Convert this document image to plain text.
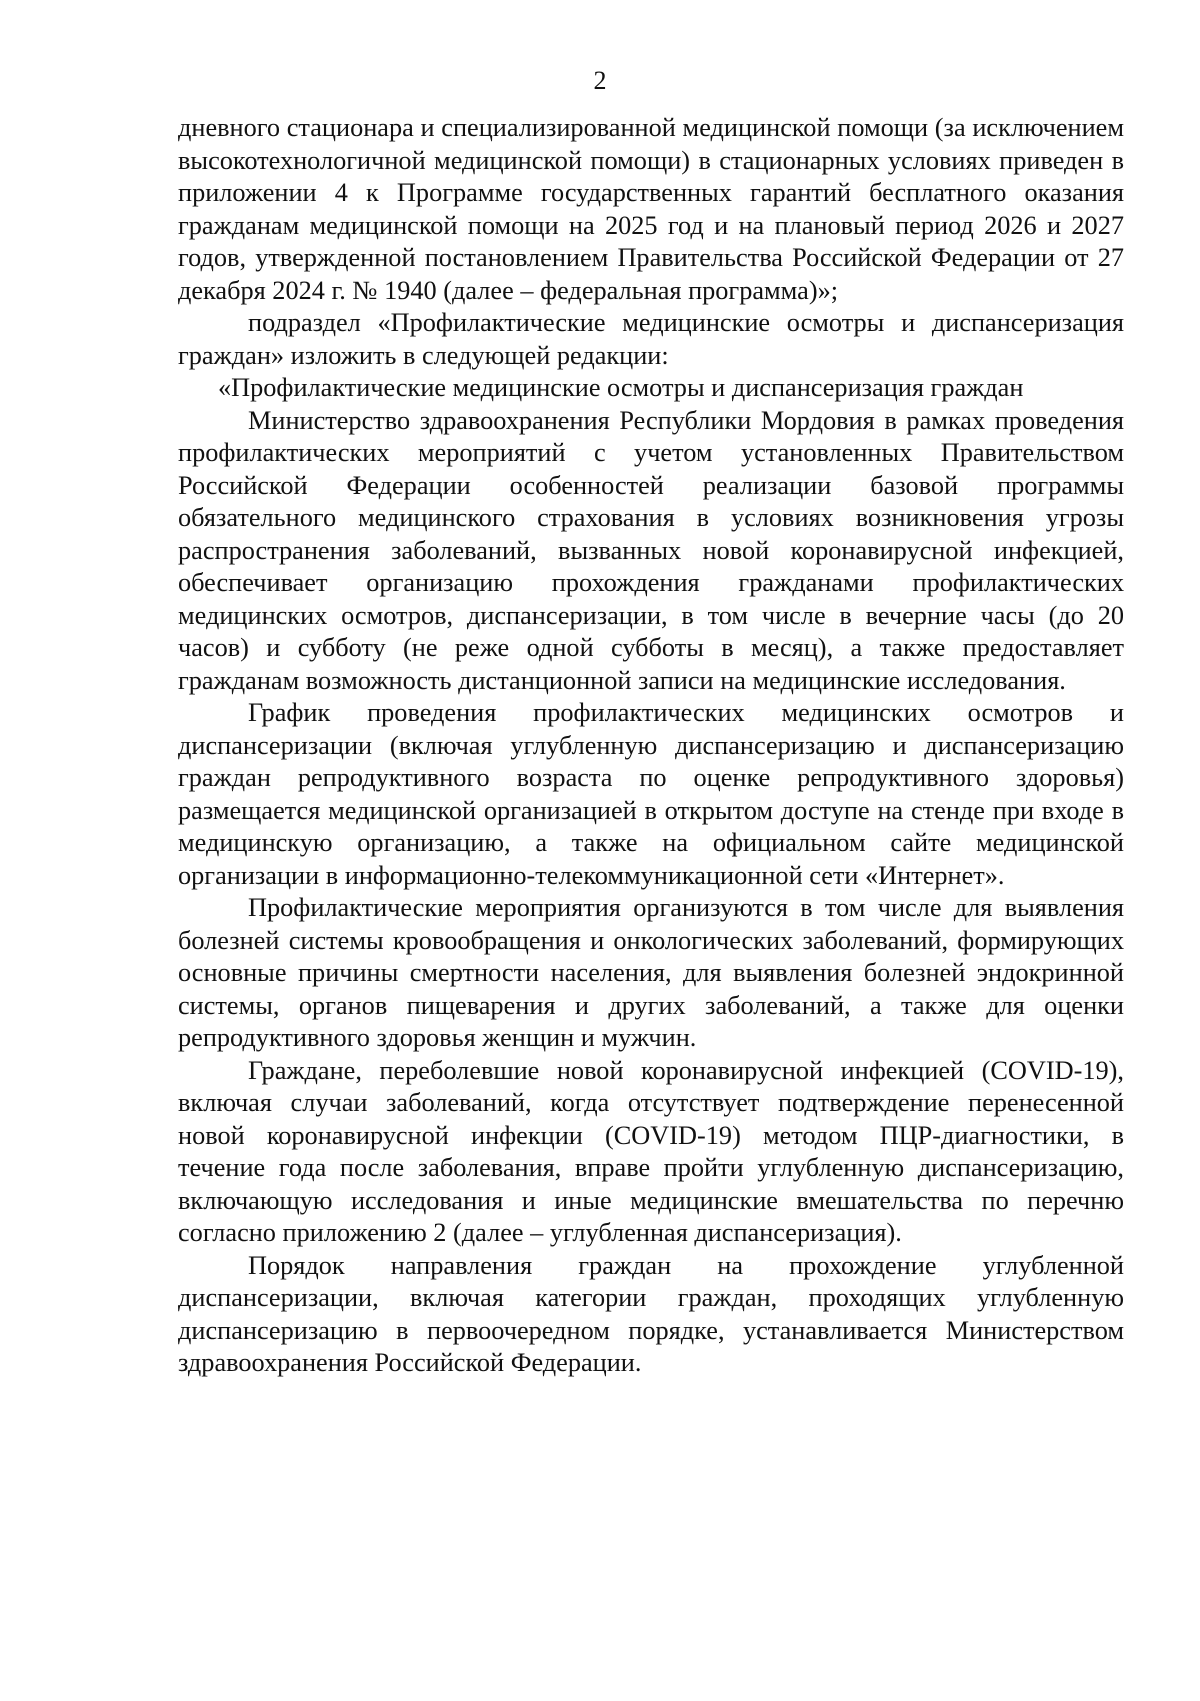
2

дневного стационара и специализированной медицинской помощи (за исключением высокотехнологичной медицинской помощи) в стационарных условиях приведен в приложении 4 к Программе государственных гарантий бесплатного оказания гражданам медицинской помощи на 2025 год и на плановый период 2026 и 2027 годов, утвержденной постановлением Правительства Российской Федерации от 27 декабря 2024 г. № 1940 (далее – федеральная программа)»;

подраздел «Профилактические медицинские осмотры и диспансеризация граждан» изложить в следующей редакции:

«Профилактические медицинские осмотры и диспансеризация граждан

Министерство здравоохранения Республики Мордовия в рамках проведения профилактических мероприятий с учетом установленных Правительством Российской Федерации особенностей реализации базовой программы обязательного медицинского страхования в условиях возникновения угрозы распространения заболеваний, вызванных новой коронавирусной инфекцией, обеспечивает организацию прохождения гражданами профилактических медицинских осмотров, диспансеризации, в том числе в вечерние часы (до 20 часов) и субботу (не реже одной субботы в месяц), а также предоставляет гражданам возможность дистанционной записи на медицинские исследования.

График проведения профилактических медицинских осмотров и диспансеризации (включая углубленную диспансеризацию и диспансеризацию граждан репродуктивного возраста по оценке репродуктивного здоровья) размещается медицинской организацией в открытом доступе на стенде при входе в медицинскую организацию, а также на официальном сайте медицинской организации в информационно-телекоммуникационной сети «Интернет».

Профилактические мероприятия организуются в том числе для выявления болезней системы кровообращения и онкологических заболеваний, формирующих основные причины смертности населения, для выявления болезней эндокринной системы, органов пищеварения и других заболеваний, а также для оценки репродуктивного здоровья женщин и мужчин.

Граждане, переболевшие новой коронавирусной инфекцией (COVID-19), включая случаи заболеваний, когда отсутствует подтверждение перенесенной новой коронавирусной инфекции (COVID-19) методом ПЦР-диагностики, в течение года после заболевания, вправе пройти углубленную диспансеризацию, включающую исследования и иные медицинские вмешательства по перечню согласно приложению 2 (далее – углубленная диспансеризация).

Порядок направления граждан на прохождение углубленной диспансеризации, включая категории граждан, проходящих углубленную диспансеризацию в первоочередном порядке, устанавливается Министерством здравоохранения Российской Федерации.
